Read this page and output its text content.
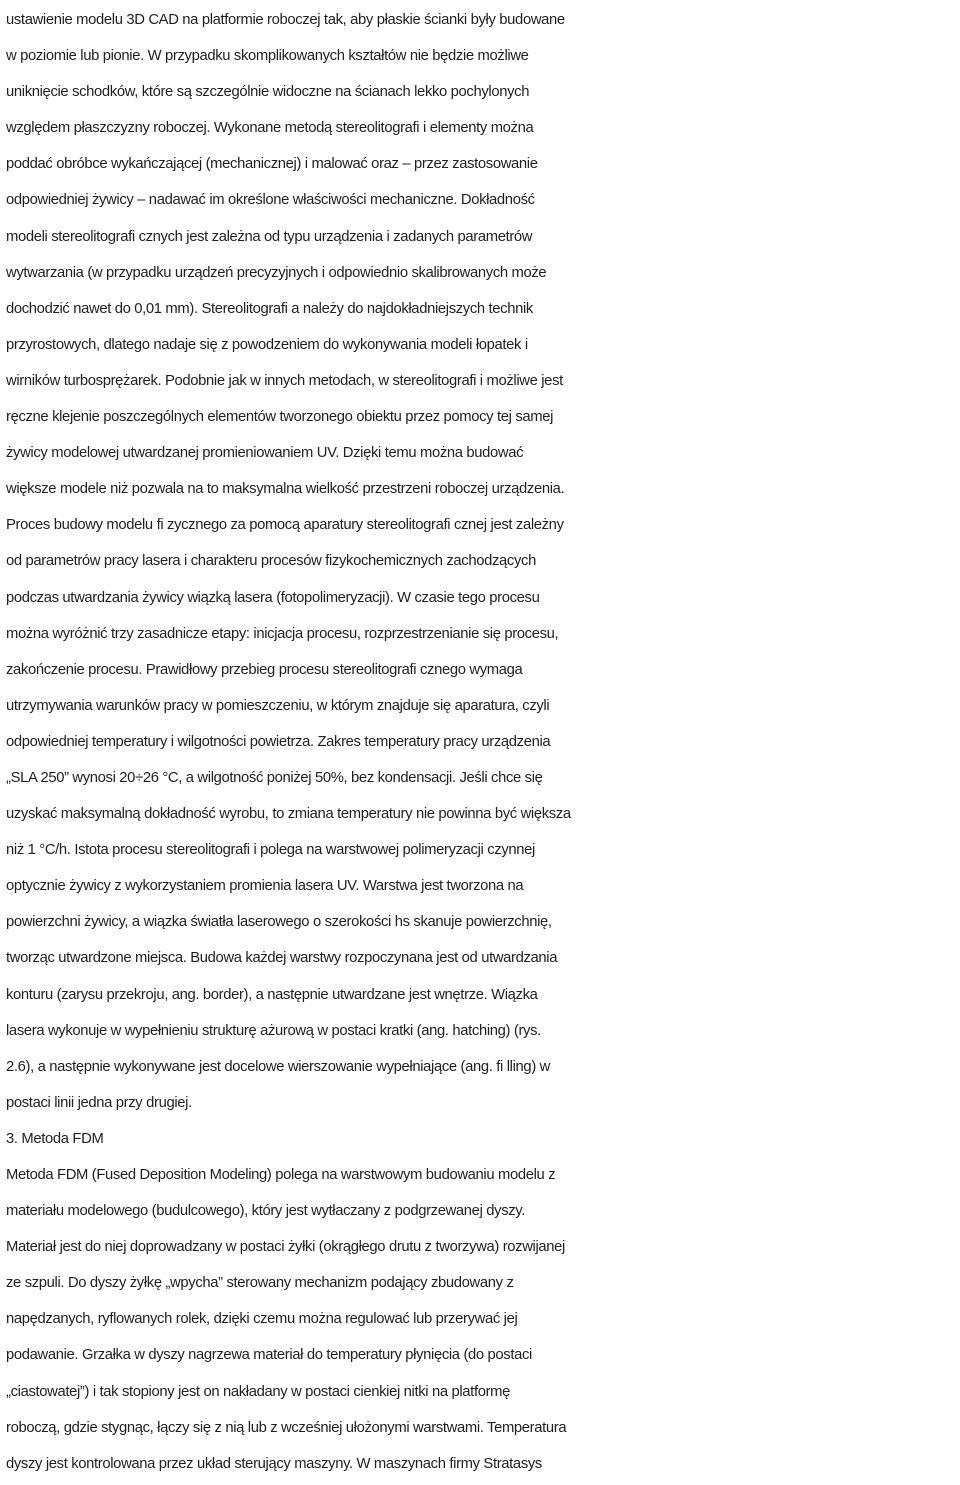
ustawienie modelu 3D CAD na platformie roboczej tak, aby płaskie ścianki były budowane
w poziomie lub pionie. W przypadku skomplikowanych kształtów nie będzie możliwe
uniknięcie schodków, które są szczególnie widoczne na ścianach lekko pochylonych
względem płaszczyzny roboczej. Wykonane metodą stereolitografi i elementy można
poddać obróbce wykańczającej (mechanicznej) i malować oraz – przez zastosowanie
odpowiedniej żywicy – nadawać im określone właściwości mechaniczne. Dokładność
modeli stereolitografi cznych jest zależna od typu urządzenia i zadanych parametrów
wytwarzania (w przypadku urządzeń precyzyjnych i odpowiednio skalibrowanych może
dochodzić nawet do 0,01 mm). Stereolitografi a należy do najdokładniejszych technik
przyrostowych, dlatego nadaje się z powodzeniem do wykonywania modeli łopatek i
wirników turbosprężarek. Podobnie jak w innych metodach, w stereolitografi i możliwe jest
ręczne klejenie poszczególnych elementów tworzonego obiektu przez pomocy tej samej
żywicy modelowej utwardzanej promieniowaniem UV. Dzięki temu można budować
większe modele niż pozwala na to maksymalna wielkość przestrzeni roboczej urządzenia.
Proces budowy modelu fi zycznego za pomocą aparatury stereolitografi cznej jest zależny
od parametrów pracy lasera i charakteru procesów fizykochemicznych zachodzących
podczas utwardzania żywicy wiązką lasera (fotopolimeryzacji). W czasie tego procesu
można wyróżnić trzy zasadnicze etapy: inicjacja procesu, rozprzestrzenianie się procesu,
zakończenie procesu. Prawidłowy przebieg procesu stereolitografi cznego wymaga
utrzymywania warunków pracy w pomieszczeniu, w którym znajduje się aparatura, czyli
odpowiedniej temperatury i wilgotności powietrza. Zakres temperatury pracy urządzenia
„SLA 250” wynosi 20÷26 °C, a wilgotność poniżej 50%, bez kondensacji. Jeśli chce się
uzyskać maksymalną dokładność wyrobu, to zmiana temperatury nie powinna być większa
niż 1 °C/h. Istota procesu stereolitografi i polega na warstwowej polimeryzacji czynnej
optycznie żywicy z wykorzystaniem promienia lasera UV. Warstwa jest tworzona na
powierzchni żywicy, a wiązka światła laserowego o szerokości hs skanuje powierzchnię,
tworząc utwardzone miejsca. Budowa każdej warstwy rozpoczynana jest od utwardzania
konturu (zarysu przekroju, ang. border), a następnie utwardzane jest wnętrze. Wiązka
lasera wykonuje w wypełnieniu strukturę ażurową w postaci kratki (ang. hatching) (rys.
2.6), a następnie wykonywane jest docelowe wierszowanie wypełniające (ang. fi lling) w
postaci linii jedna przy drugiej.
3. Metoda FDM
Metoda FDM (Fused Deposition Modeling) polega na warstwowym budowaniu modelu z
materiału modelowego (budulcowego), który jest wytłaczany z podgrzewanej dyszy.
Materiał jest do niej doprowadzany w postaci żyłki (okrągłego drutu z tworzywa) rozwijanej
ze szpuli. Do dyszy żyłkę „wpycha” sterowany mechanizm podający zbudowany z
napędzanych, ryflowanych rolek, dzięki czemu można regulować lub przerywać jej
podawanie. Grzałka w dyszy nagrzewa materiał do temperatury płynięcia (do postaci
„ciastowatej”) i tak stopiony jest on nakładany w postaci cienkiej nitki na platformę
roboczą, gdzie stygnąc, łączy się z nią lub z wcześniej ułożonymi warstwami. Temperatura
dyszy jest kontrolowana przez układ sterujący maszyny. W maszynach firmy Stratasys
